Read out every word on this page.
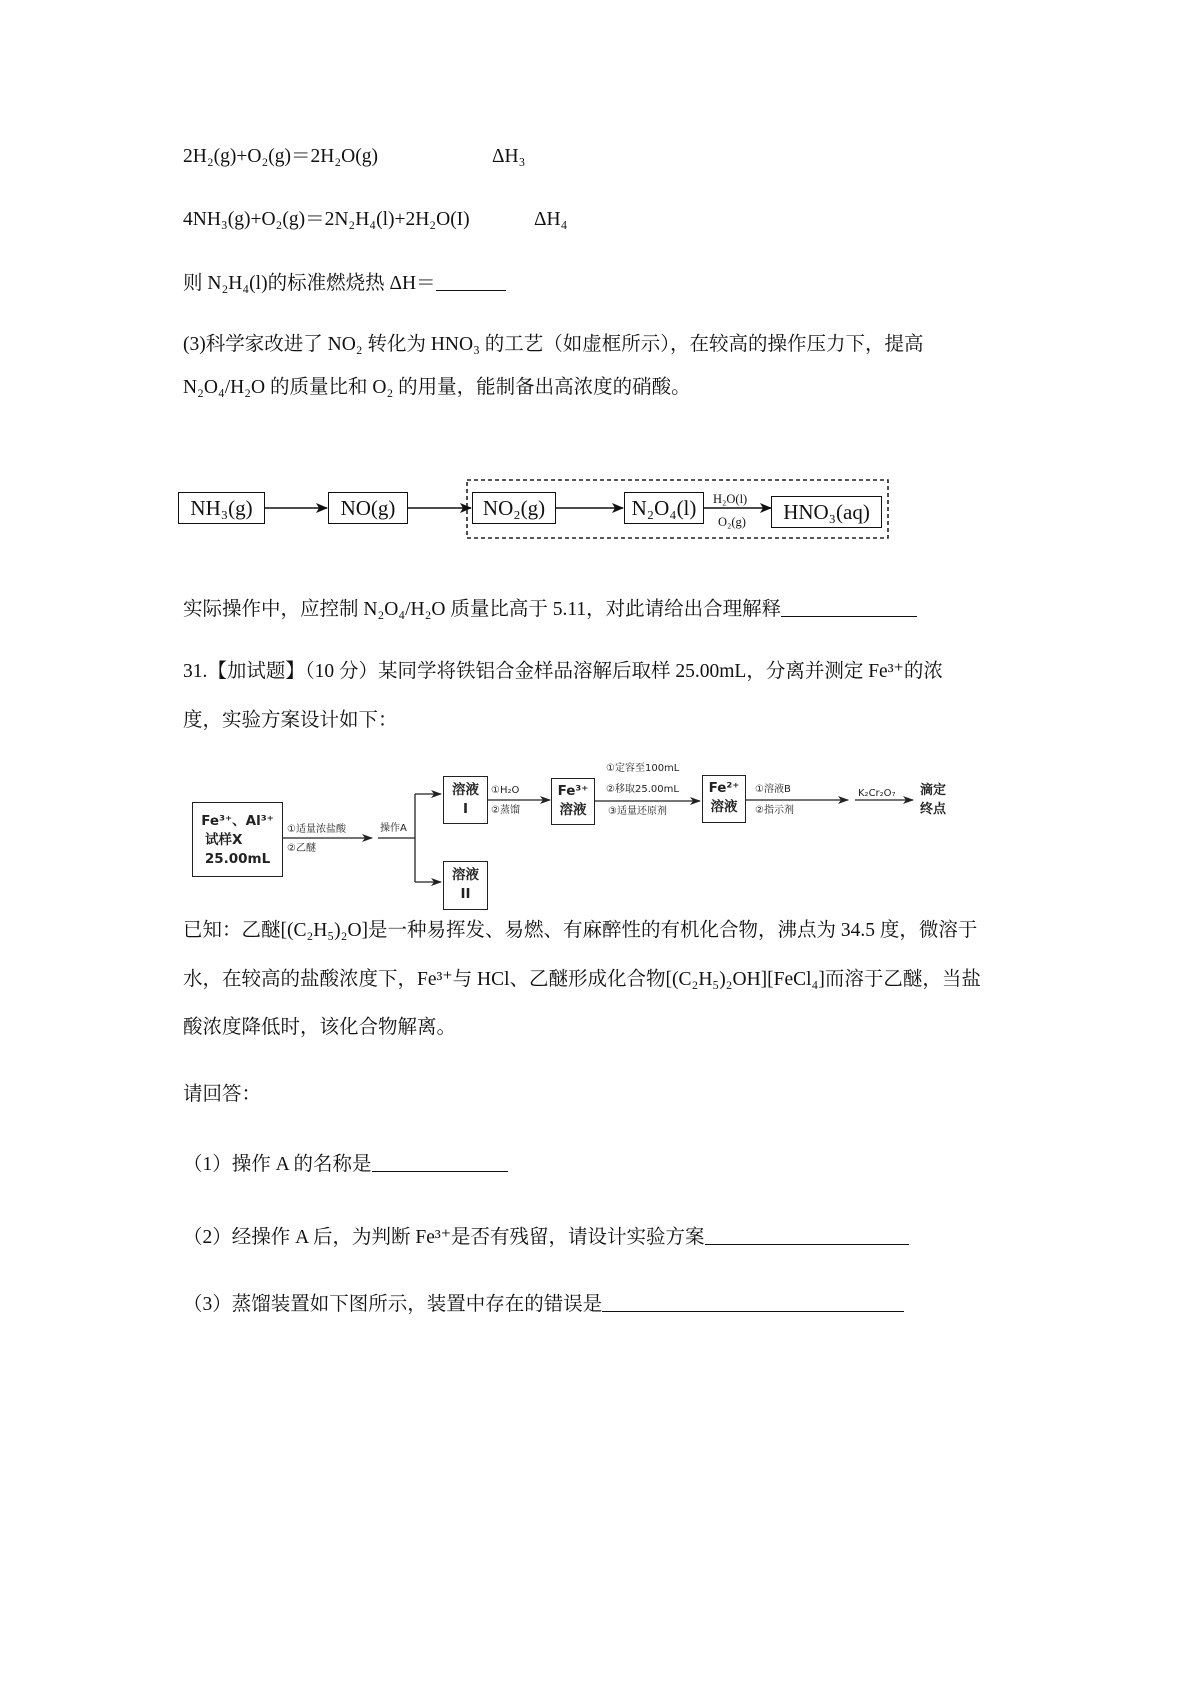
2H₂(g)+O₂(g)＝2H₂O(g)	ΔH₃
4NH₃(g)+O₂(g)＝2N₂H₄(l)+2H₂O(I)	ΔH₄
则 N₂H₄(l)的标准燃烧热 ΔH＝
(3)科学家改进了 NO₂ 转化为 HNO₃ 的工艺（如虚框所示），在较高的操作压力下，提高
N₂O₄/H₂O 的质量比和 O₂ 的用量，能制备出高浓度的硝酸。
NH₃(g)	NO(g)	NO₂(g)	N₂O₄(l)	HNO₃(aq)
H₂O(l)
O₂(g)
实际操作中，应控制 N₂O₄/H₂O 质量比高于 5.11，对此请给出合理解释
31.【加试题】（10 分）某同学将铁铝合金样品溶解后取样 25.00mL，分离并测定 Fe³⁺的浓
度，实验方案设计如下：
Fe³⁺、Al³⁺
试样X
25.00mL
①适量浓盐酸
②乙醚
操作A
溶液
I
溶液
II
①H₂O
②蒸馏
Fe³⁺
溶液
①定容至100mL
②移取25.00mL
③适量还原剂
Fe²⁺
溶液
①溶液B
②指示剂
K₂Cr₂O₇ 滴定
终点
已知：乙醚[(C₂H₅)₂O]是一种易挥发、易燃、有麻醉性的有机化合物，沸点为 34.5 度，微溶于
水，在较高的盐酸浓度下，Fe³⁺与 HCl、乙醚形成化合物[(C₂H₅)₂OH][FeCl₄]而溶于乙醚，当盐
酸浓度降低时，该化合物解离。
请回答：
（1）操作 A 的名称是
（2）经操作 A 后，为判断 Fe³⁺是否有残留，请设计实验方案
（3）蒸馏装置如下图所示，装置中存在的错误是
